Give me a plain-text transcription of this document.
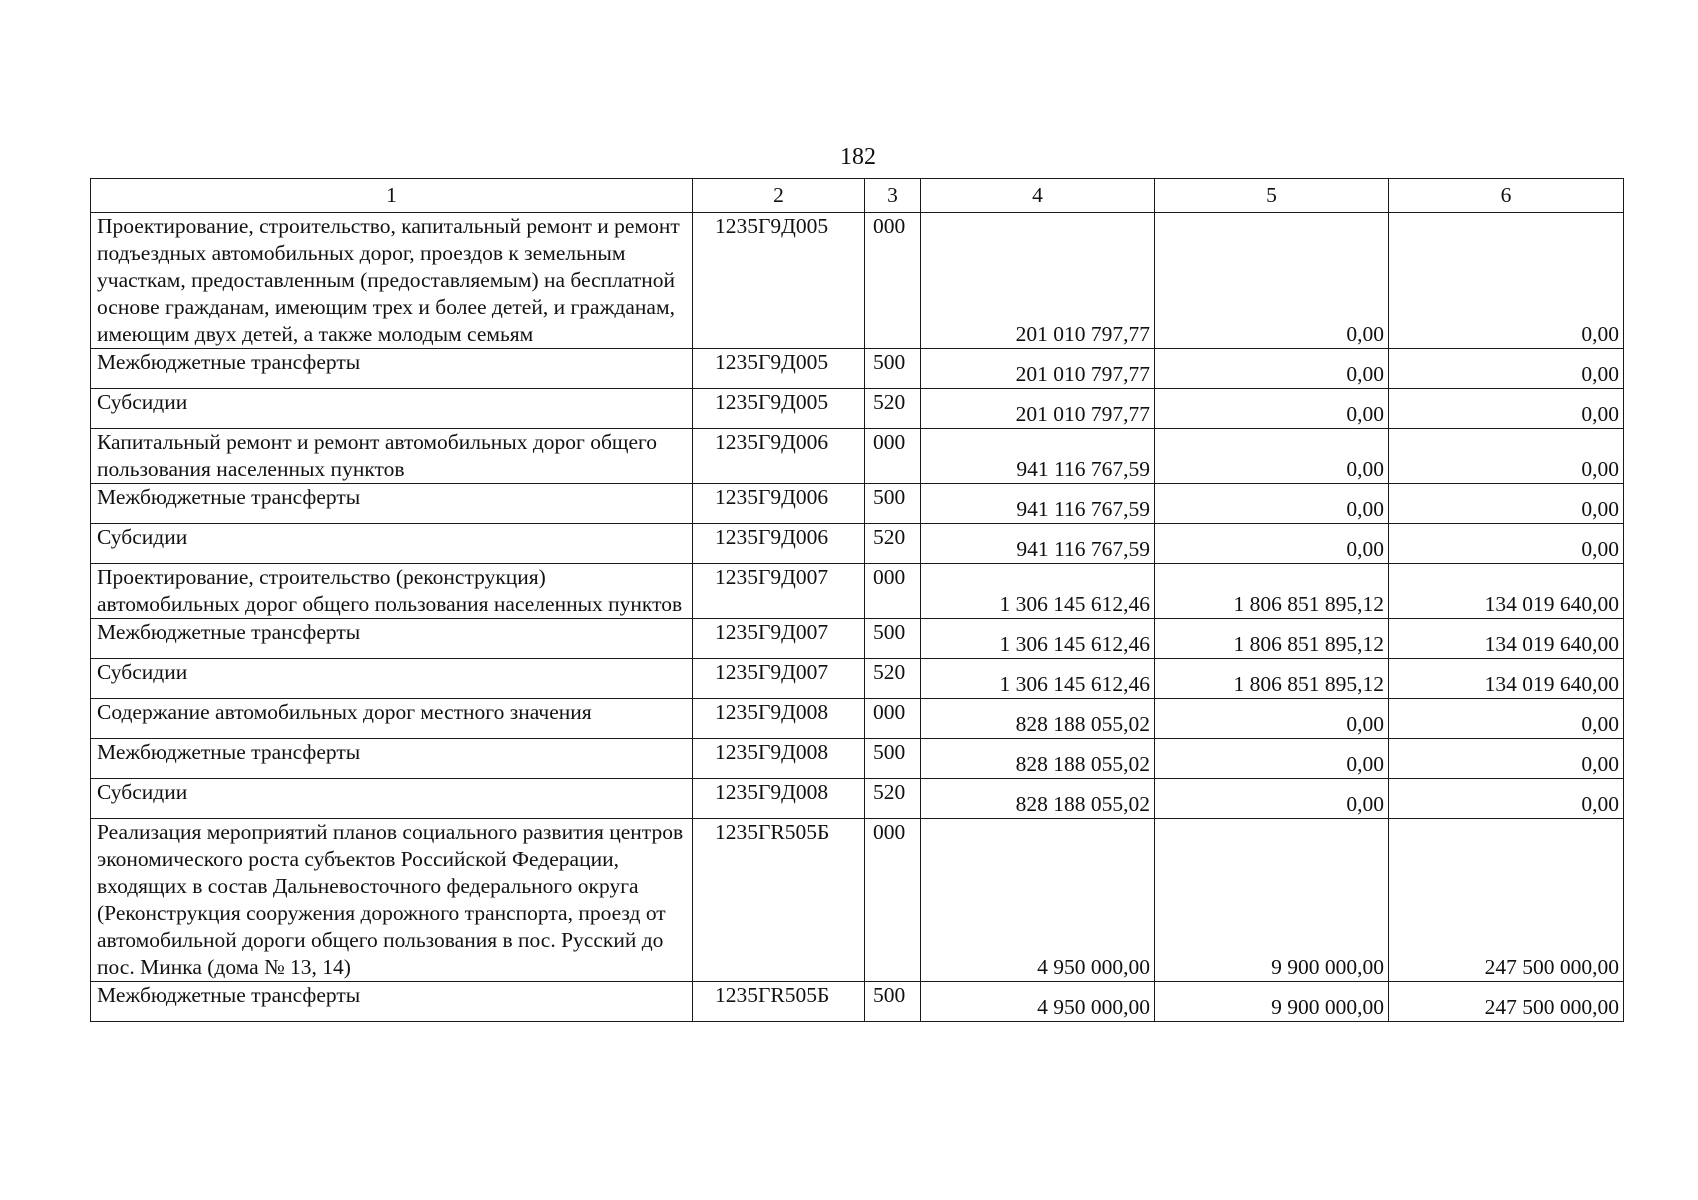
182
1	2	3	4	5	6
Проектирование, строительство, капитальный ремонт и ремонт подъездных автомобильных дорог, проездов к земельным участкам, предоставленным (предоставляемым) на бесплатной основе гражданам, имеющим трех и более детей, и гражданам, имеющим двух детей, а также молодым семьям	1235Г9Д005	000	201 010 797,77	0,00	0,00
Межбюджетные трансферты	1235Г9Д005	500	201 010 797,77	0,00	0,00
Субсидии	1235Г9Д005	520	201 010 797,77	0,00	0,00
Капитальный ремонт и ремонт автомобильных дорог общего пользования населенных пунктов	1235Г9Д006	000	941 116 767,59	0,00	0,00
Межбюджетные трансферты	1235Г9Д006	500	941 116 767,59	0,00	0,00
Субсидии	1235Г9Д006	520	941 116 767,59	0,00	0,00
Проектирование, строительство (реконструкция) автомобильных дорог общего пользования населенных пунктов	1235Г9Д007	000	1 306 145 612,46	1 806 851 895,12	134 019 640,00
Межбюджетные трансферты	1235Г9Д007	500	1 306 145 612,46	1 806 851 895,12	134 019 640,00
Субсидии	1235Г9Д007	520	1 306 145 612,46	1 806 851 895,12	134 019 640,00
Содержание автомобильных дорог местного значения	1235Г9Д008	000	828 188 055,02	0,00	0,00
Межбюджетные трансферты	1235Г9Д008	500	828 188 055,02	0,00	0,00
Субсидии	1235Г9Д008	520	828 188 055,02	0,00	0,00
Реализация мероприятий планов социального развития центров экономического роста субъектов Российской Федерации, входящих в состав Дальневосточного федерального округа (Реконструкция сооружения дорожного транспорта, проезд от автомобильной дороги общего пользования в пос. Русский до пос. Минка (дома № 13, 14)	1235ГR505Б	000	4 950 000,00	9 900 000,00	247 500 000,00
Межбюджетные трансферты	1235ГR505Б	500	4 950 000,00	9 900 000,00	247 500 000,00
